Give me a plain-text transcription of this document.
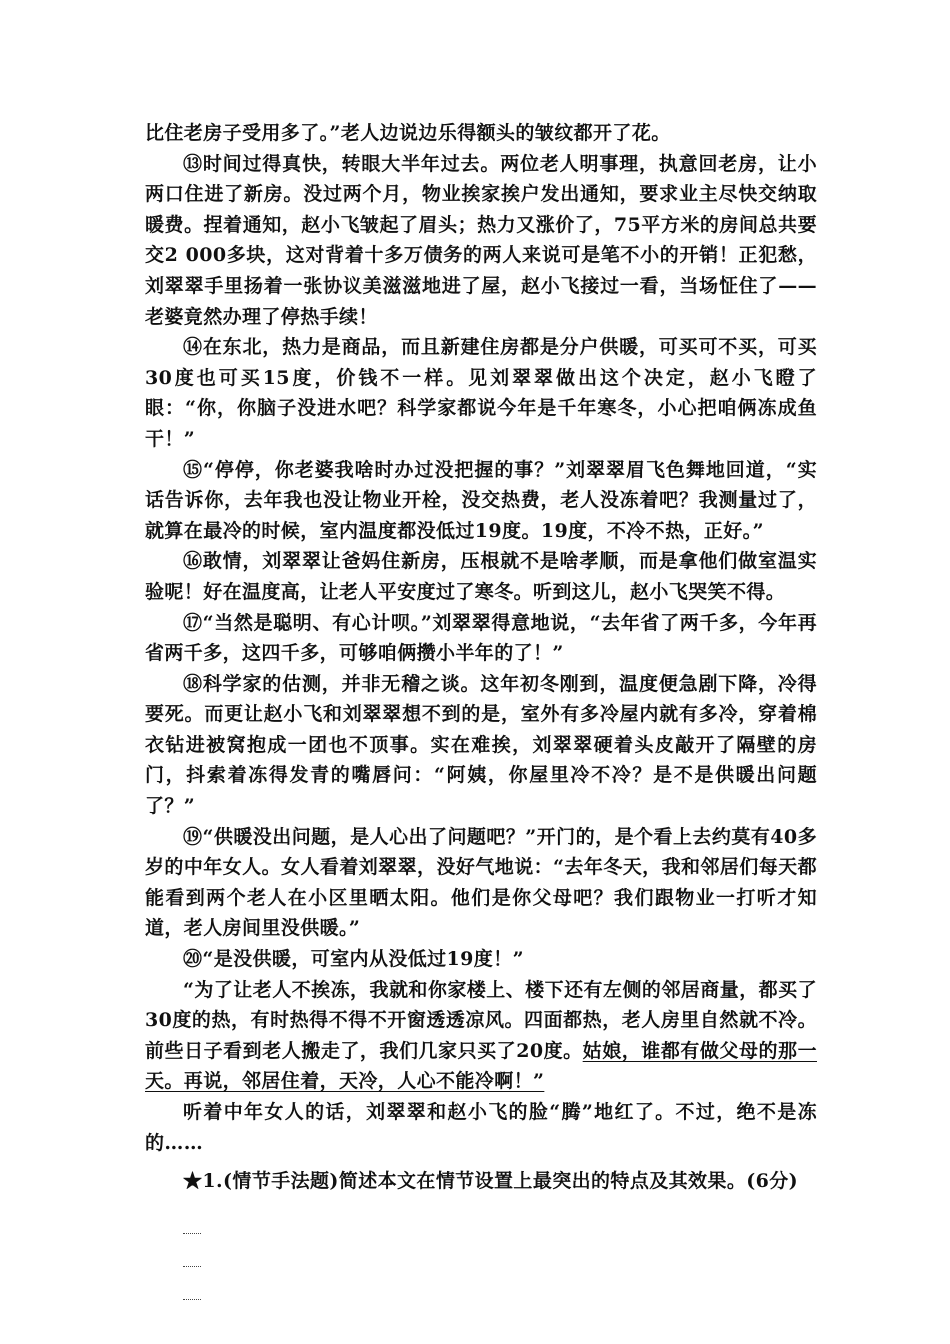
比住老房子受用多了。”老人边说边乐得额头的皱纹都开了花。

⑬时间过得真快，转眼大半年过去。两位老人明事理，执意回老房，让小两口住进了新房。没过两个月，物业挨家挨户发出通知，要求业主尽快交纳取暖费。捏着通知，赵小飞皱起了眉头；热力又涨价了，75平方米的房间总共要交2 000多块，这对背着十多万债务的两人来说可是笔不小的开销！正犯愁，刘翠翠手里扬着一张协议美滋滋地进了屋，赵小飞接过一看，当场怔住了——老婆竟然办理了停热手续！

⑭在东北，热力是商品，而且新建住房都是分户供暖，可买可不买，可买30度也可买15度，价钱不一样。见刘翠翠做出这个决定，赵小飞瞪了眼：“你，你脑子没进水吧？科学家都说今年是千年寒冬，小心把咱俩冻成鱼干！”

⑮“停停，你老婆我啥时办过没把握的事？”刘翠翠眉飞色舞地回道，“实话告诉你，去年我也没让物业开栓，没交热费，老人没冻着吧？我测量过了，就算在最冷的时候，室内温度都没低过19度。19度，不冷不热，正好。”

⑯敢情，刘翠翠让爸妈住新房，压根就不是啥孝顺，而是拿他们做室温实验呢！好在温度高，让老人平安度过了寒冬。听到这儿，赵小飞哭笑不得。

⑰“当然是聪明、有心计呗。”刘翠翠得意地说，“去年省了两千多，今年再省两千多，这四千多，可够咱俩攒小半年的了！”

⑱科学家的估测，并非无稽之谈。这年初冬刚到，温度便急剧下降，冷得要死。而更让赵小飞和刘翠翠想不到的是，室外有多冷屋内就有多冷，穿着棉衣钻进被窝抱成一团也不顶事。实在难挨，刘翠翠硬着头皮敲开了隔壁的房门，抖索着冻得发青的嘴唇问：“阿姨，你屋里冷不冷？是不是供暖出问题了？”

⑲“供暖没出问题，是人心出了问题吧？”开门的，是个看上去约莫有40多岁的中年女人。女人看着刘翠翠，没好气地说：“去年冬天，我和邻居们每天都能看到两个老人在小区里晒太阳。他们是你父母吧？我们跟物业一打听才知道，老人房间里没供暖。”

⑳“是没供暖，可室内从没低过19度！”

“为了让老人不挨冻，我就和你家楼上、楼下还有左侧的邻居商量，都买了30度的热，有时热得不得不开窗透透凉风。四面都热，老人房里自然就不冷。前些日子看到老人搬走了，我们几家只买了20度。姑娘，谁都有做父母的那一天。再说，邻居住着，天冷，人心不能冷啊！”

听着中年女人的话，刘翠翠和赵小飞的脸“腾”地红了。不过，绝不是冻的……

★1.(情节手法题)简述本文在情节设置上最突出的特点及其效果。(6分)
